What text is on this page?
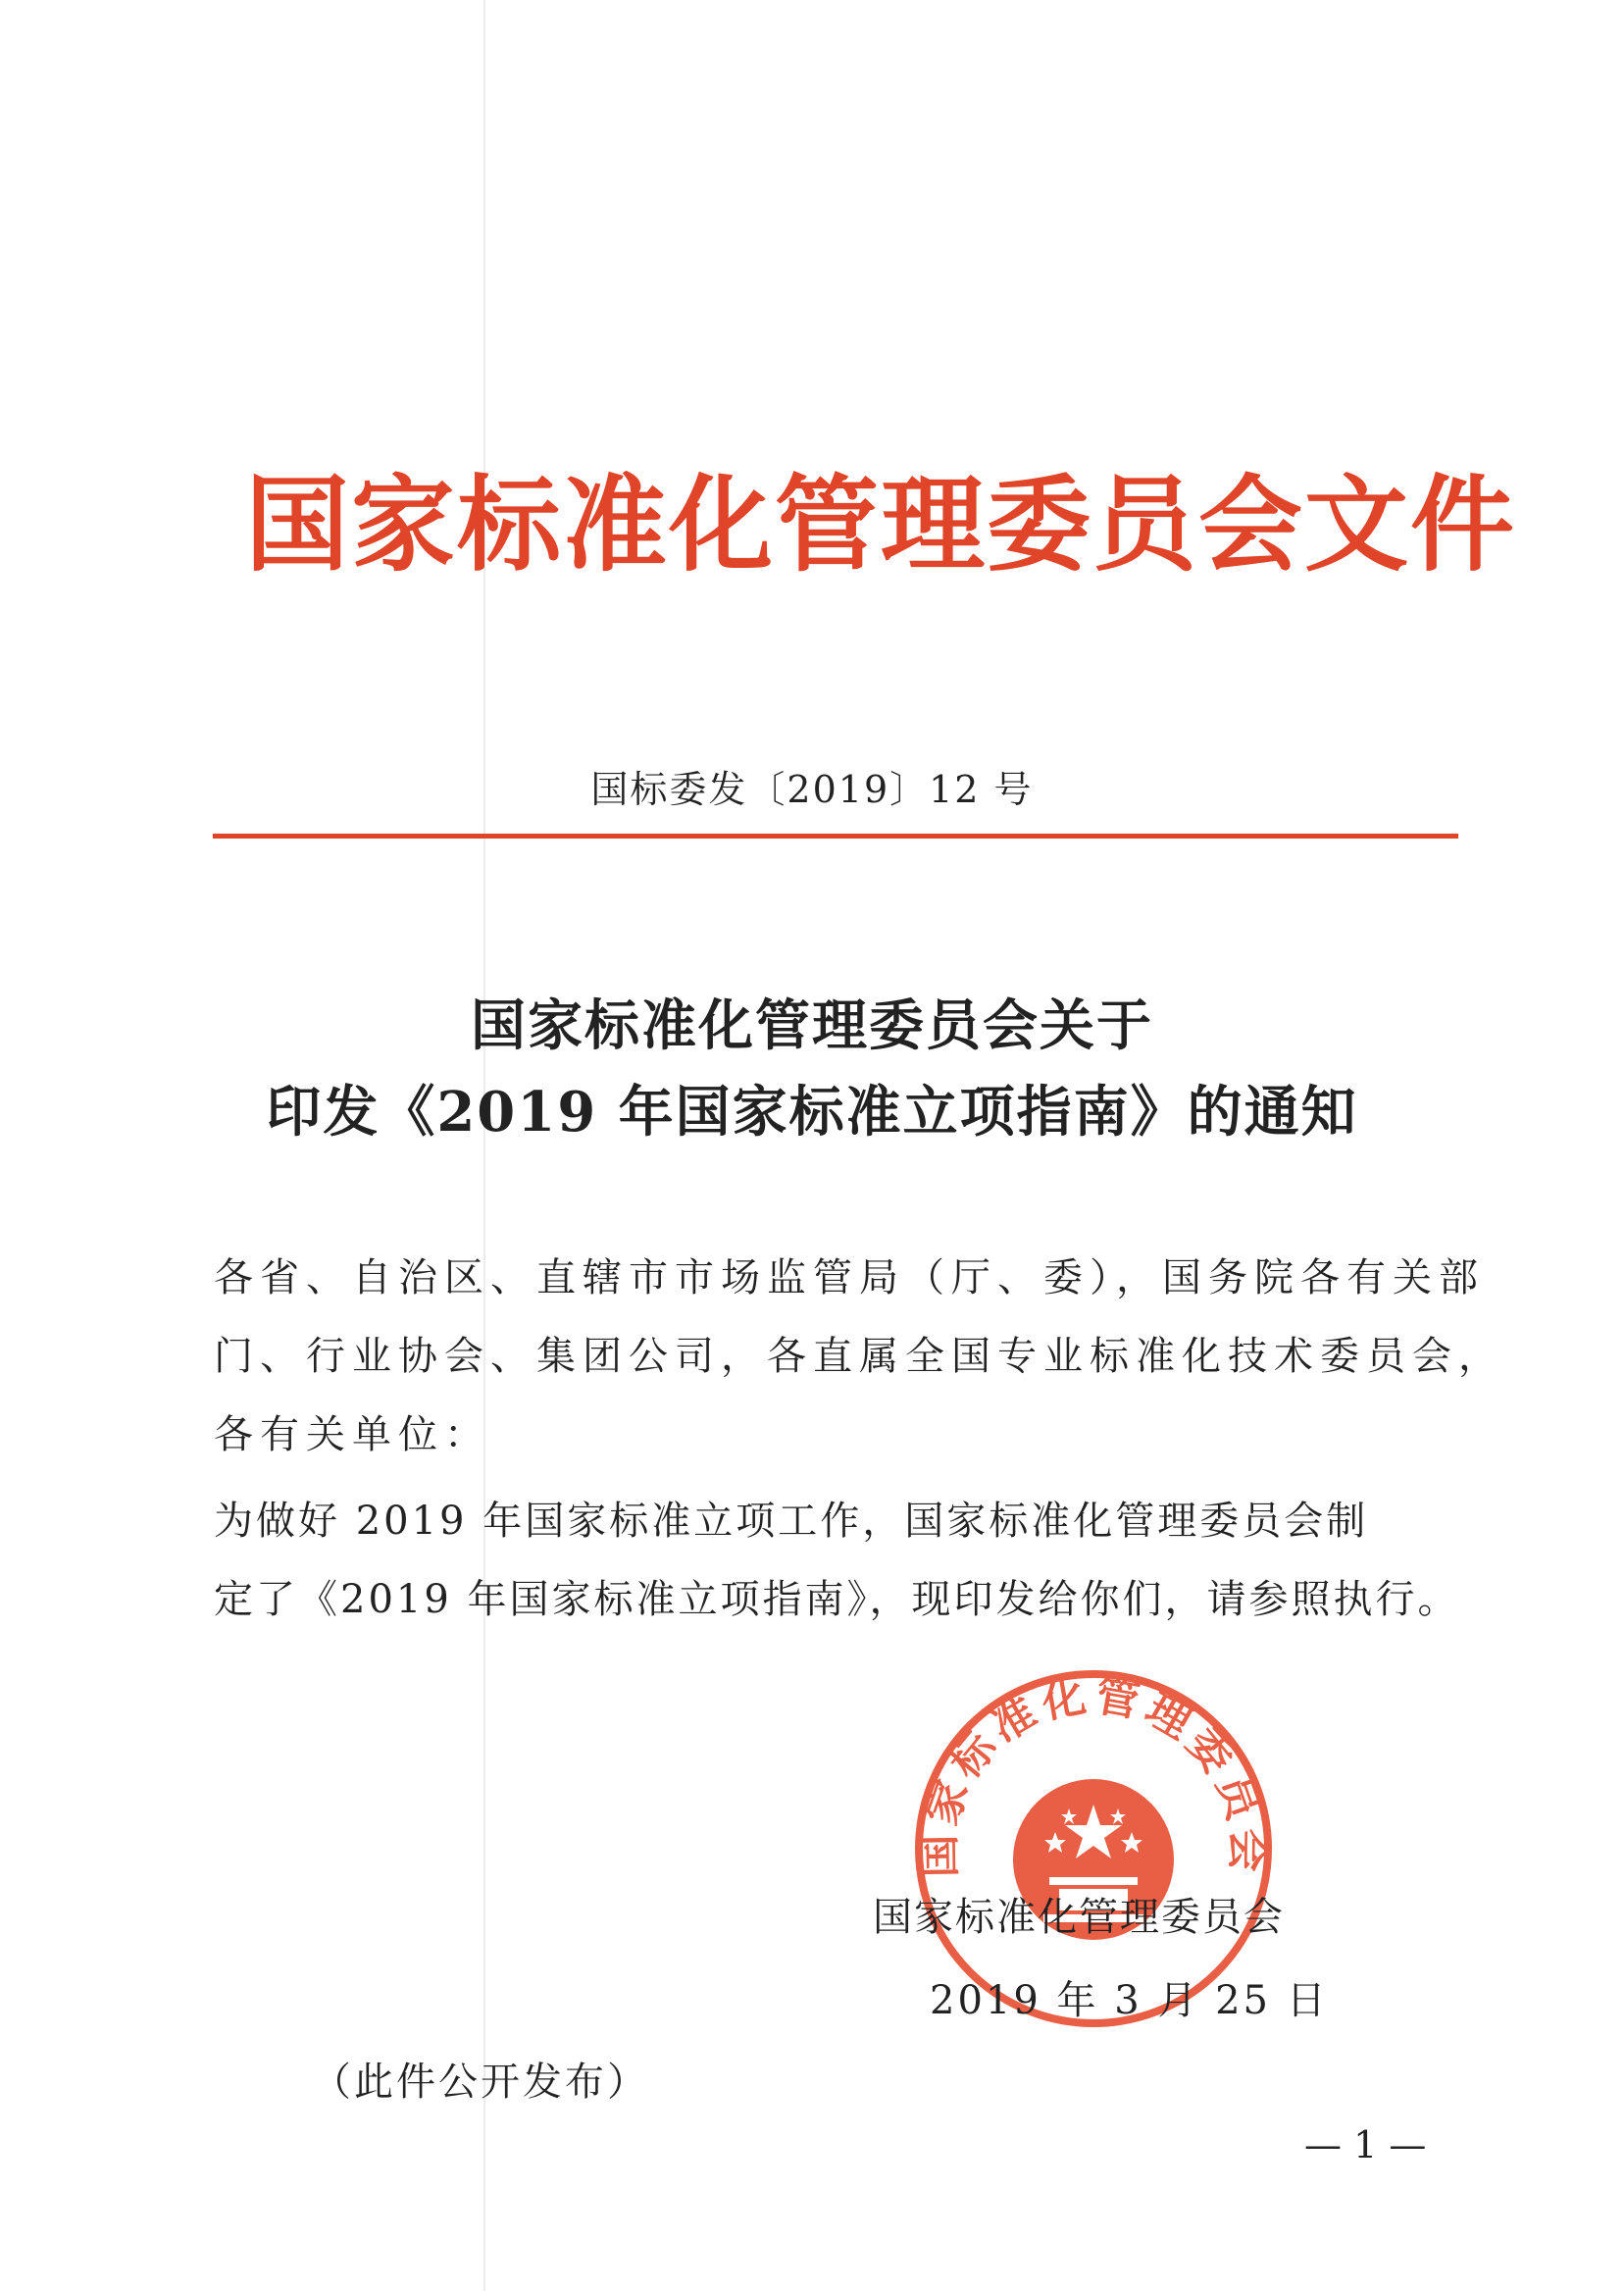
国家标准化管理委员会文件
国标委发〔2019〕12 号
国家标准化管理委员会关于
印发《2019 年国家标准立项指南》的通知
各省、自治区、直辖市市场监管局（厅、委），国务院各有关部
门、行业协会、集团公司，各直属全国专业标准化技术委员会，
各有关单位：
为做好 2019 年国家标准立项工作，国家标准化管理委员会制
定了《2019 年国家标准立项指南》，现印发给你们，请参照执行。
国家标准化管理委员会
国家标准化管理委员会
2019 年 3 月 25 日
（此件公开发布）
— 1 —
